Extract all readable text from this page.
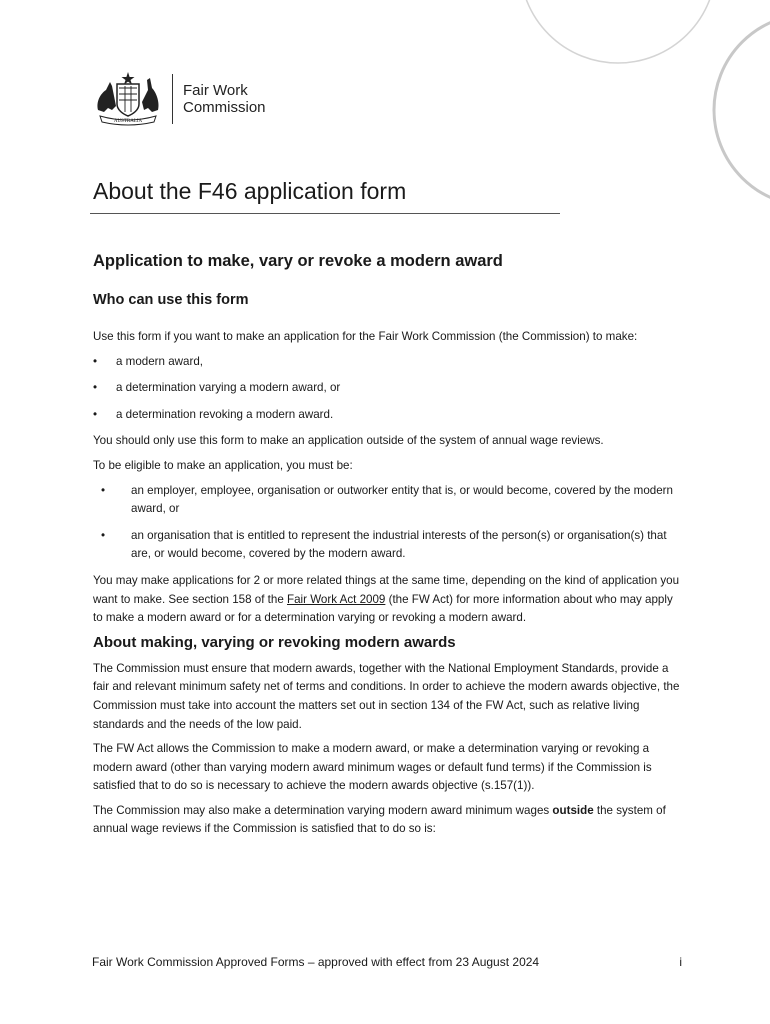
AUSTRALIA
Fair Work
Commission
About the F46 application form
Application to make, vary or revoke a modern award
Who can use this form

Use this form if you want to make an application for the Fair Work Commission (the Commission) to make:

• a modern award,
• a determination varying a modern award, or
• a determination revoking a modern award.

You should only use this form to make an application outside of the system of annual wage reviews.

To be eligible to make an application, you must be:

• an employer, employee, organisation or outworker entity that is, or would become, covered by the modern award, or
• an organisation that is entitled to represent the industrial interests of the person(s) or organisation(s) that are, or would become, covered by the modern award.

You may make applications for 2 or more related things at the same time, depending on the kind of application you want to make. See section 158 of the Fair Work Act 2009 (the FW Act) for more information about who may apply to make a modern award or for a determination varying or revoking a modern award.

About making, varying or revoking modern awards

The Commission must ensure that modern awards, together with the National Employment Standards, provide a fair and relevant minimum safety net of terms and conditions. In order to achieve the modern awards objective, the Commission must take into account the matters set out in section 134 of the FW Act, such as relative living standards and the needs of the low paid.

The FW Act allows the Commission to make a modern award, or make a determination varying or revoking a modern award (other than varying modern award minimum wages or default fund terms) if the Commission is satisfied that to do so is necessary to achieve the modern awards objective (s.157(1)).

The Commission may also make a determination varying modern award minimum wages outside the system of annual wage reviews if the Commission is satisfied that to do so is:

Fair Work Commission Approved Forms – approved with effect from 23 August 2024	i
